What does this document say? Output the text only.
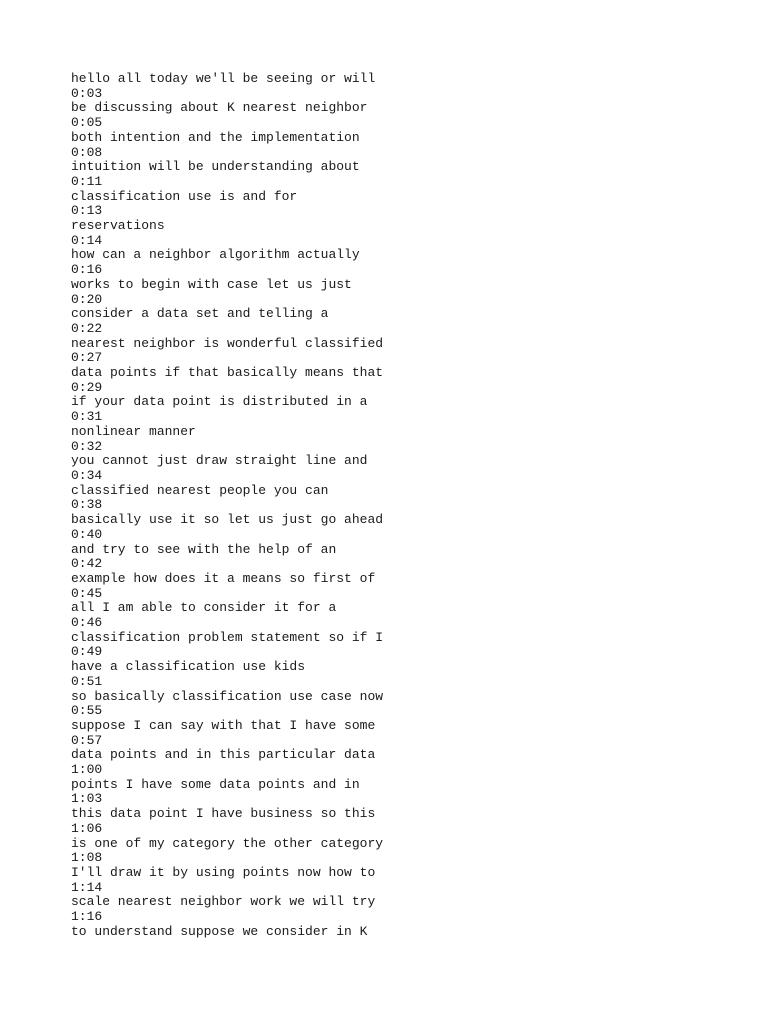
hello all today we'll be seeing or will
0:03
be discussing about K nearest neighbor
0:05
both intention and the implementation
0:08
intuition will be understanding about
0:11
classification use is and for
0:13
reservations
0:14
how can a neighbor algorithm actually
0:16
works to begin with case let us just
0:20
consider a data set and telling a
0:22
nearest neighbor is wonderful classified
0:27
data points if that basically means that
0:29
if your data point is distributed in a
0:31
nonlinear manner
0:32
you cannot just draw straight line and
0:34
classified nearest people you can
0:38
basically use it so let us just go ahead
0:40
and try to see with the help of an
0:42
example how does it a means so first of
0:45
all I am able to consider it for a
0:46
classification problem statement so if I
0:49
have a classification use kids
0:51
so basically classification use case now
0:55
suppose I can say with that I have some
0:57
data points and in this particular data
1:00
points I have some data points and in
1:03
this data point I have business so this
1:06
is one of my category the other category
1:08
I'll draw it by using points now how to
1:14
scale nearest neighbor work we will try
1:16
to understand suppose we consider in K
